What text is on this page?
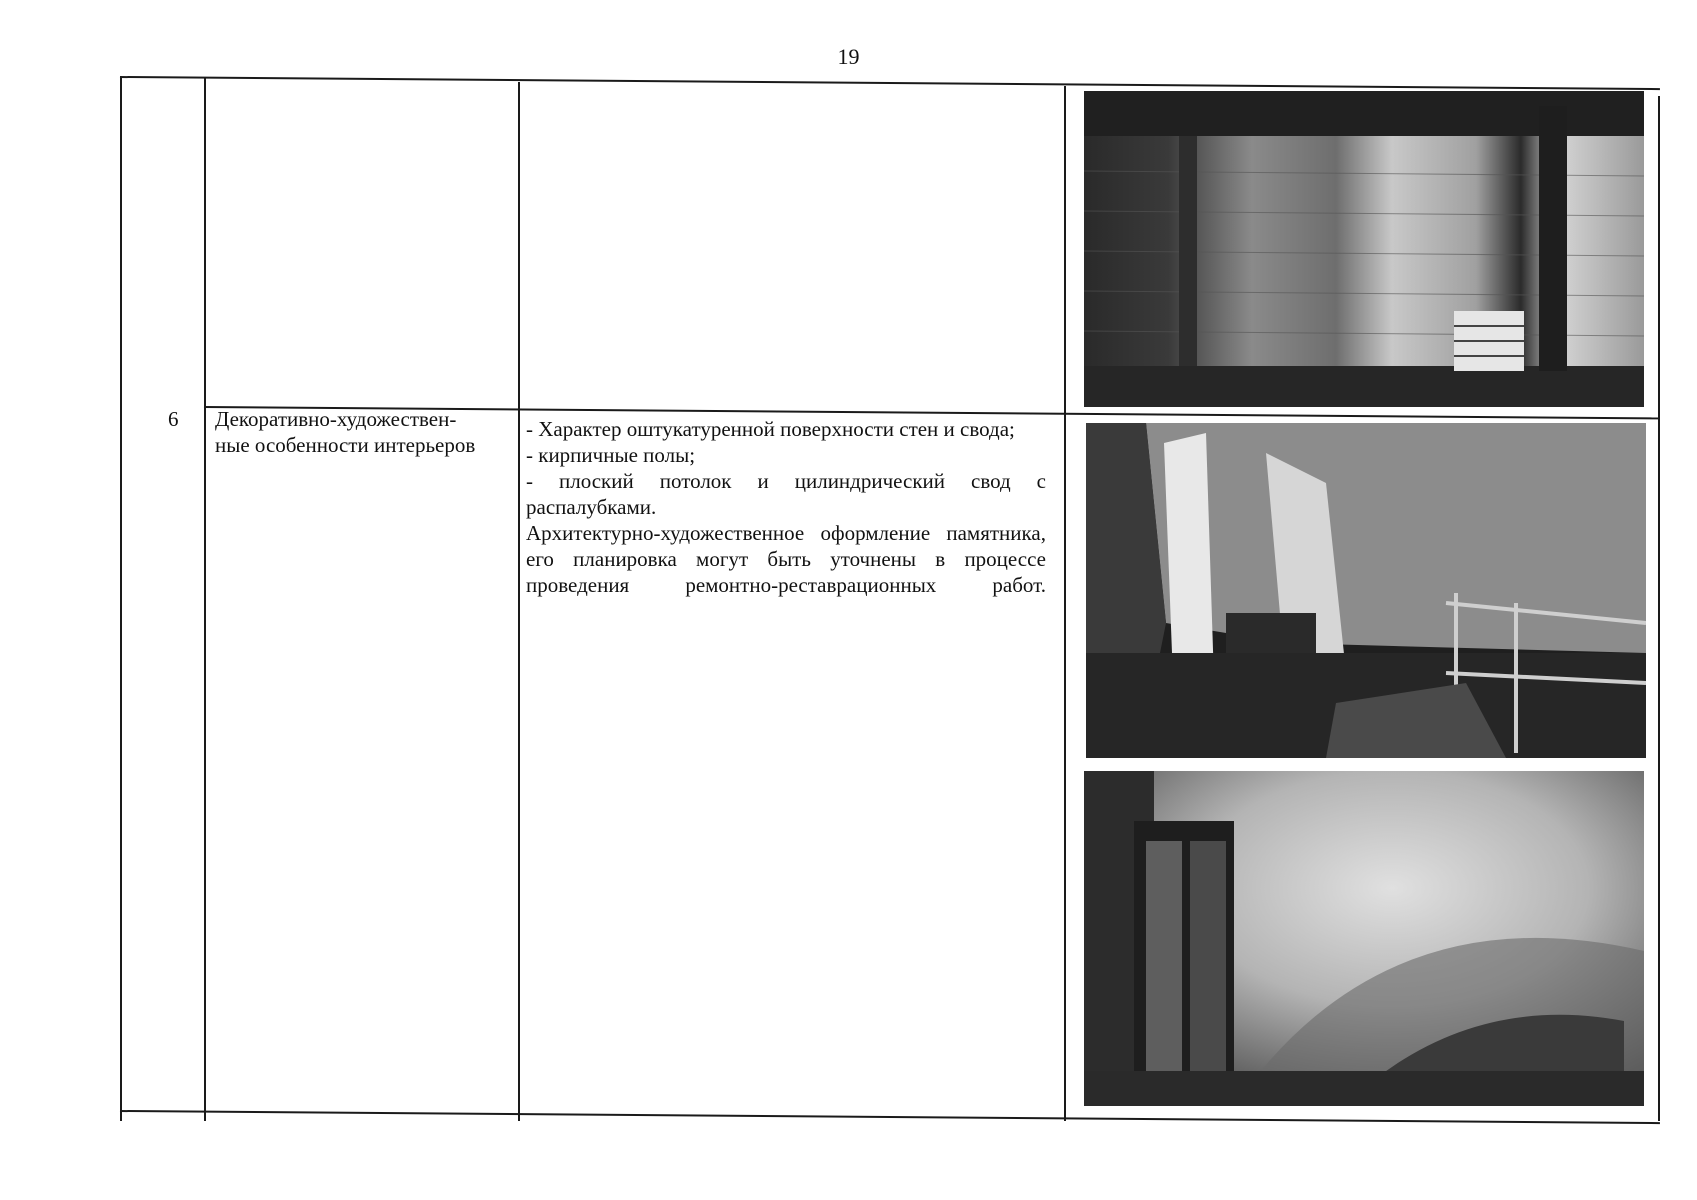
19
6 Декоративно-художествен-
ные особенности интерьеров

- Характер оштукатуренной поверхности стен и свода;

- кирпичные полы;

- плоский потолок и цилиндрический свод с распалубками.

Архитектурно-художественное оформление памятника, его планировка могут быть уточнены в процессе проведения ремонтно-реставрационных работ.
